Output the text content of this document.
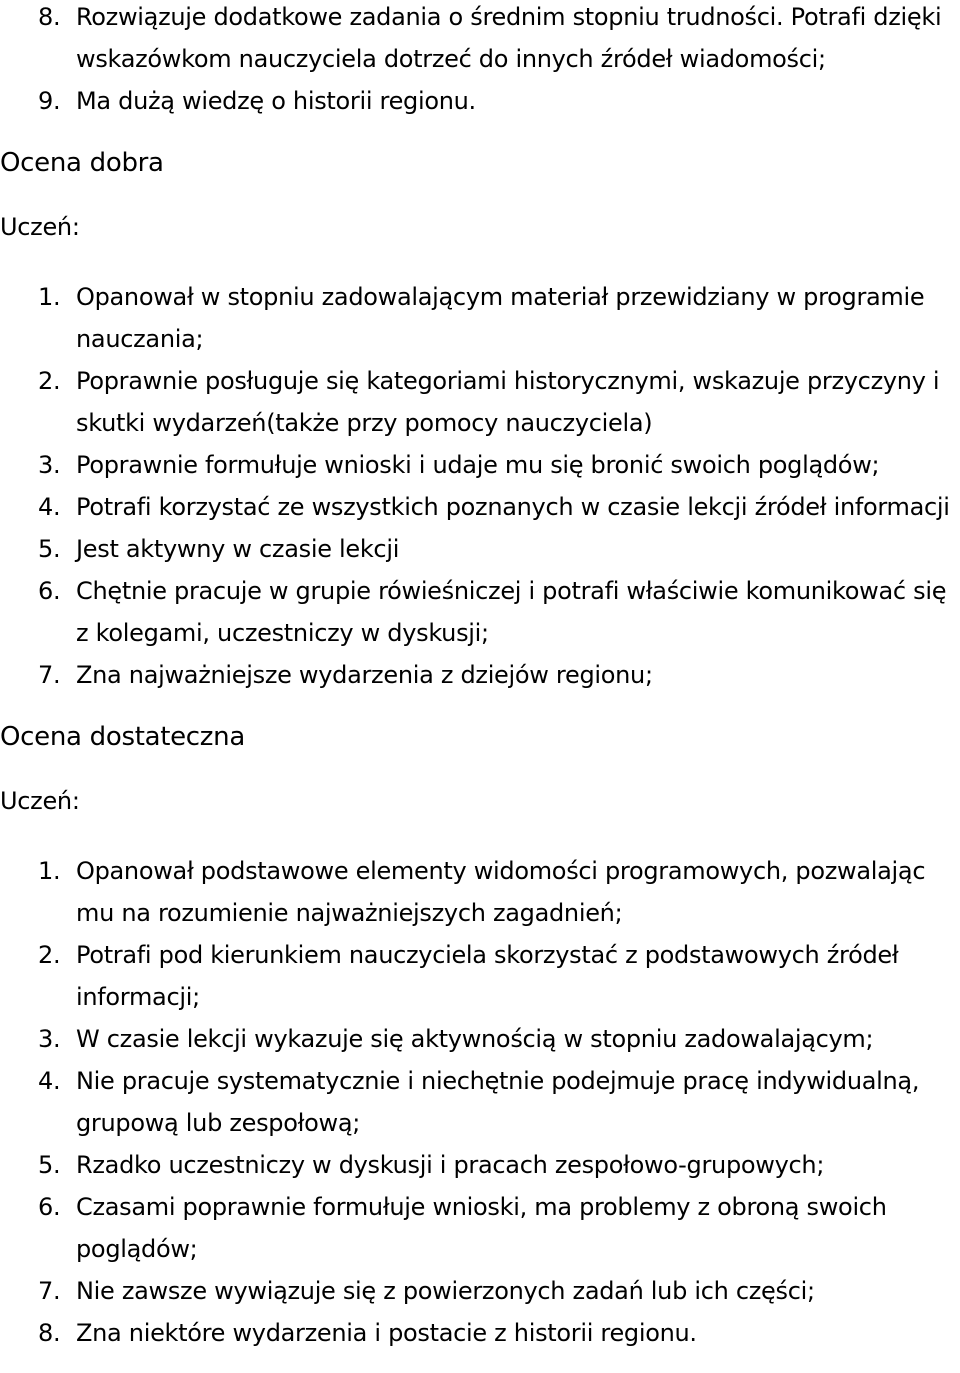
8. Rozwiązuje dodatkowe zadania o średnim stopniu trudności. Potrafi dzięki wskazówkom nauczyciela dotrzeć do innych źródeł wiadomości;
9. Ma dużą wiedzę o historii regionu.
Ocena dobra
Uczeń:
1. Opanował w stopniu zadowalającym materiał przewidziany w programie nauczania;
2. Poprawnie posługuje się kategoriami historycznymi, wskazuje przyczyny i skutki wydarzeń(także przy pomocy nauczyciela)
3. Poprawnie formułuje wnioski i udaje mu się bronić swoich poglądów;
4. Potrafi korzystać ze wszystkich poznanych w czasie lekcji źródeł informacji
5. Jest aktywny w czasie lekcji
6. Chętnie pracuje w grupie rówieśniczej i potrafi właściwie komunikować się z kolegami, uczestniczy w dyskusji;
7. Zna najważniejsze wydarzenia z dziejów regionu;
Ocena dostateczna
Uczeń:
1. Opanował podstawowe elementy widomości programowych, pozwalając mu na rozumienie najważniejszych zagadnień;
2. Potrafi pod kierunkiem nauczyciela skorzystać z podstawowych źródeł informacji;
3. W czasie lekcji wykazuje się aktywnością w stopniu zadowalającym;
4. Nie pracuje systematycznie i niechętnie podejmuje pracę indywidualną, grupową lub zespołową;
5. Rzadko uczestniczy w dyskusji i pracach zespołowo-grupowych;
6. Czasami poprawnie formułuje wnioski, ma problemy z obroną swoich poglądów;
7. Nie zawsze wywiązuje się z powierzonych zadań lub ich części;
8. Zna niektóre wydarzenia i postacie z historii regionu.
